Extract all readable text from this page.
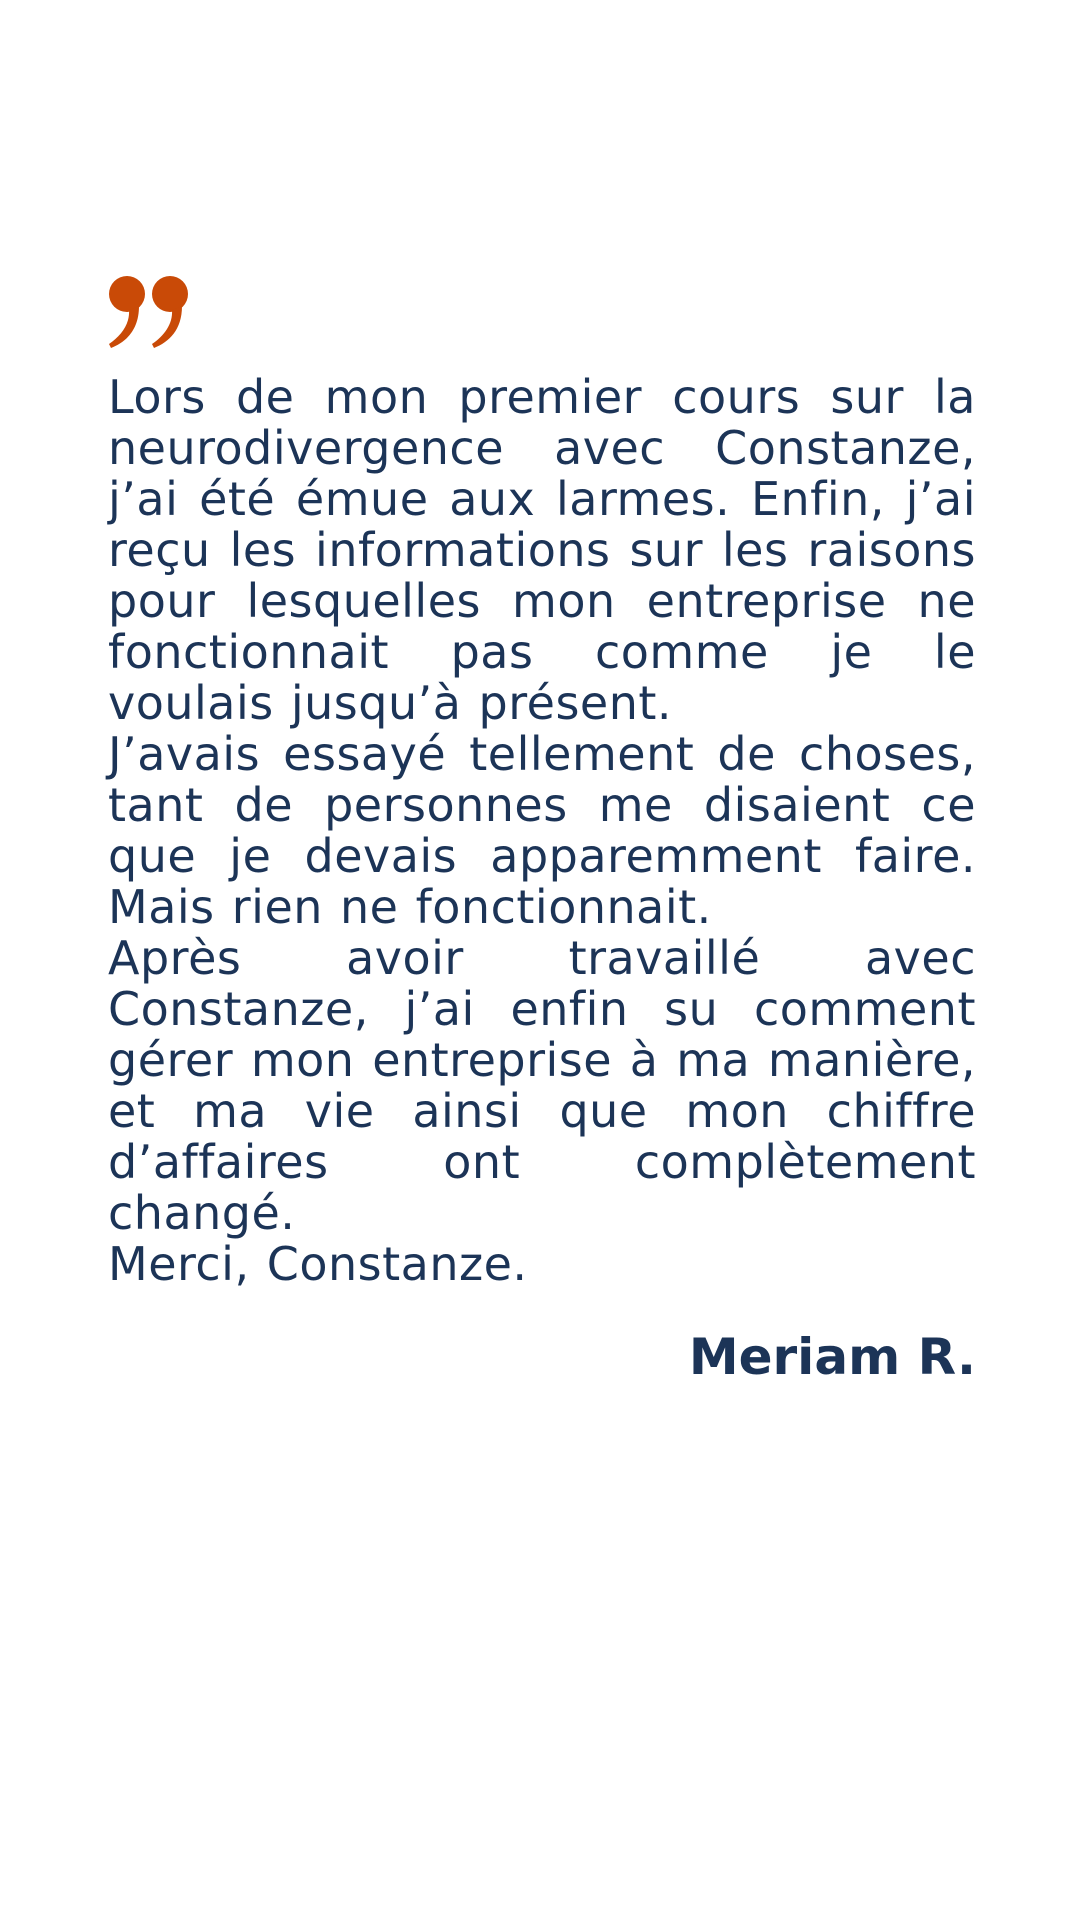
Lors de mon premier cours sur la neurodivergence avec Constanze, j’ai été émue aux larmes. Enfin, j’ai reçu les informations sur les raisons pour lesquelles mon entreprise ne fonctionnait pas comme je le voulais jusqu’à présent.
J’avais essayé tellement de choses, tant de personnes me disaient ce que je devais apparemment faire. Mais rien ne fonctionnait.
Après avoir travaillé avec Constanze, j’ai enfin su comment gérer mon entreprise à ma manière, et ma vie ainsi que mon chiffre d’affaires ont complètement changé.
Merci, Constanze.
Meriam R.
